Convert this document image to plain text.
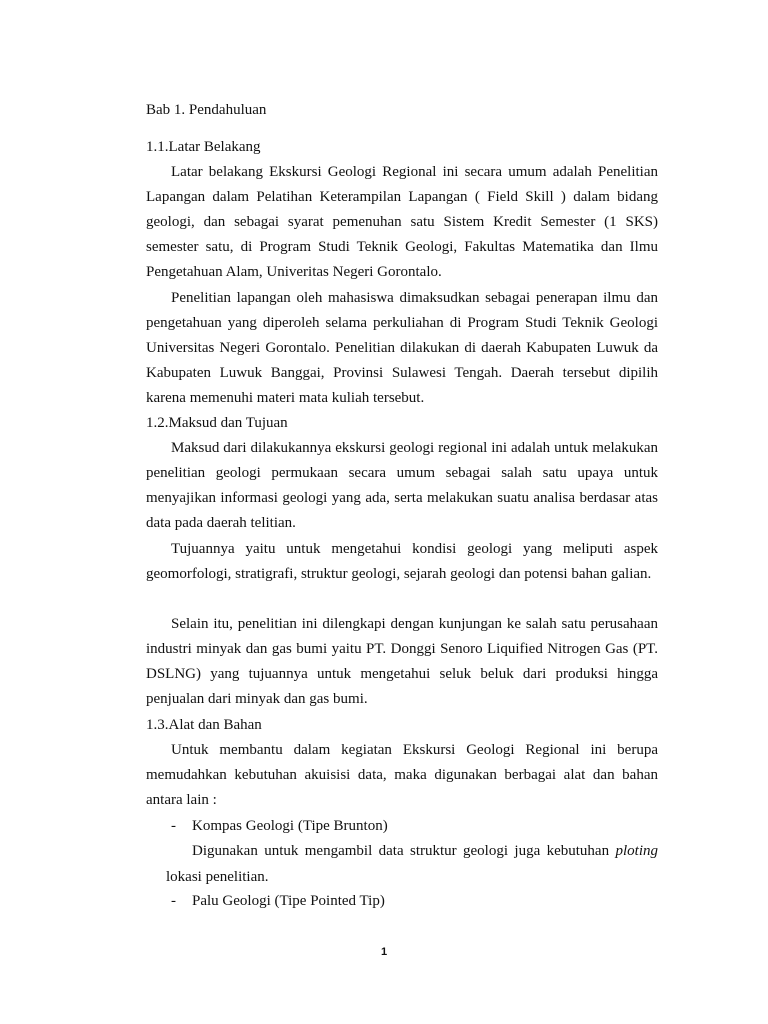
Bab 1. Pendahuluan

1.1.Latar Belakang

Latar belakang Ekskursi Geologi Regional ini secara umum adalah Penelitian Lapangan dalam Pelatihan Keterampilan Lapangan ( Field Skill ) dalam bidang geologi, dan sebagai syarat pemenuhan satu Sistem Kredit Semester (1 SKS) semester satu, di Program Studi Teknik Geologi, Fakultas Matematika dan Ilmu Pengetahuan Alam, Univeritas Negeri Gorontalo.

Penelitian lapangan oleh mahasiswa dimaksudkan sebagai penerapan ilmu dan pengetahuan yang diperoleh selama perkuliahan di Program Studi Teknik Geologi Universitas Negeri Gorontalo. Penelitian dilakukan di daerah Kabupaten Luwuk da Kabupaten Luwuk Banggai, Provinsi Sulawesi Tengah. Daerah tersebut dipilih karena memenuhi materi mata kuliah tersebut.

1.2.Maksud dan Tujuan

Maksud dari dilakukannya ekskursi geologi regional ini adalah untuk melakukan penelitian geologi permukaan secara umum sebagai salah satu upaya untuk menyajikan informasi geologi yang ada, serta melakukan suatu analisa berdasar atas data pada daerah telitian.

Tujuannya yaitu untuk mengetahui kondisi geologi yang meliputi aspek geomorfologi, stratigrafi, struktur geologi, sejarah geologi dan potensi bahan galian.

Selain itu, penelitian ini dilengkapi dengan kunjungan ke salah satu perusahaan industri minyak dan gas bumi yaitu PT. Donggi Senoro Liquified Nitrogen Gas (PT. DSLNG) yang tujuannya untuk mengetahui seluk beluk dari produksi hingga penjualan dari minyak dan gas bumi.

1.3.Alat dan Bahan

Untuk membantu dalam kegiatan Ekskursi Geologi Regional ini berupa memudahkan kebutuhan akuisisi data, maka digunakan berbagai alat dan bahan antara lain :

- Kompas Geologi (Tipe Brunton)

Digunakan untuk mengambil data struktur geologi juga kebutuhan ploting lokasi penelitian.

- Palu Geologi (Tipe Pointed Tip)
1
